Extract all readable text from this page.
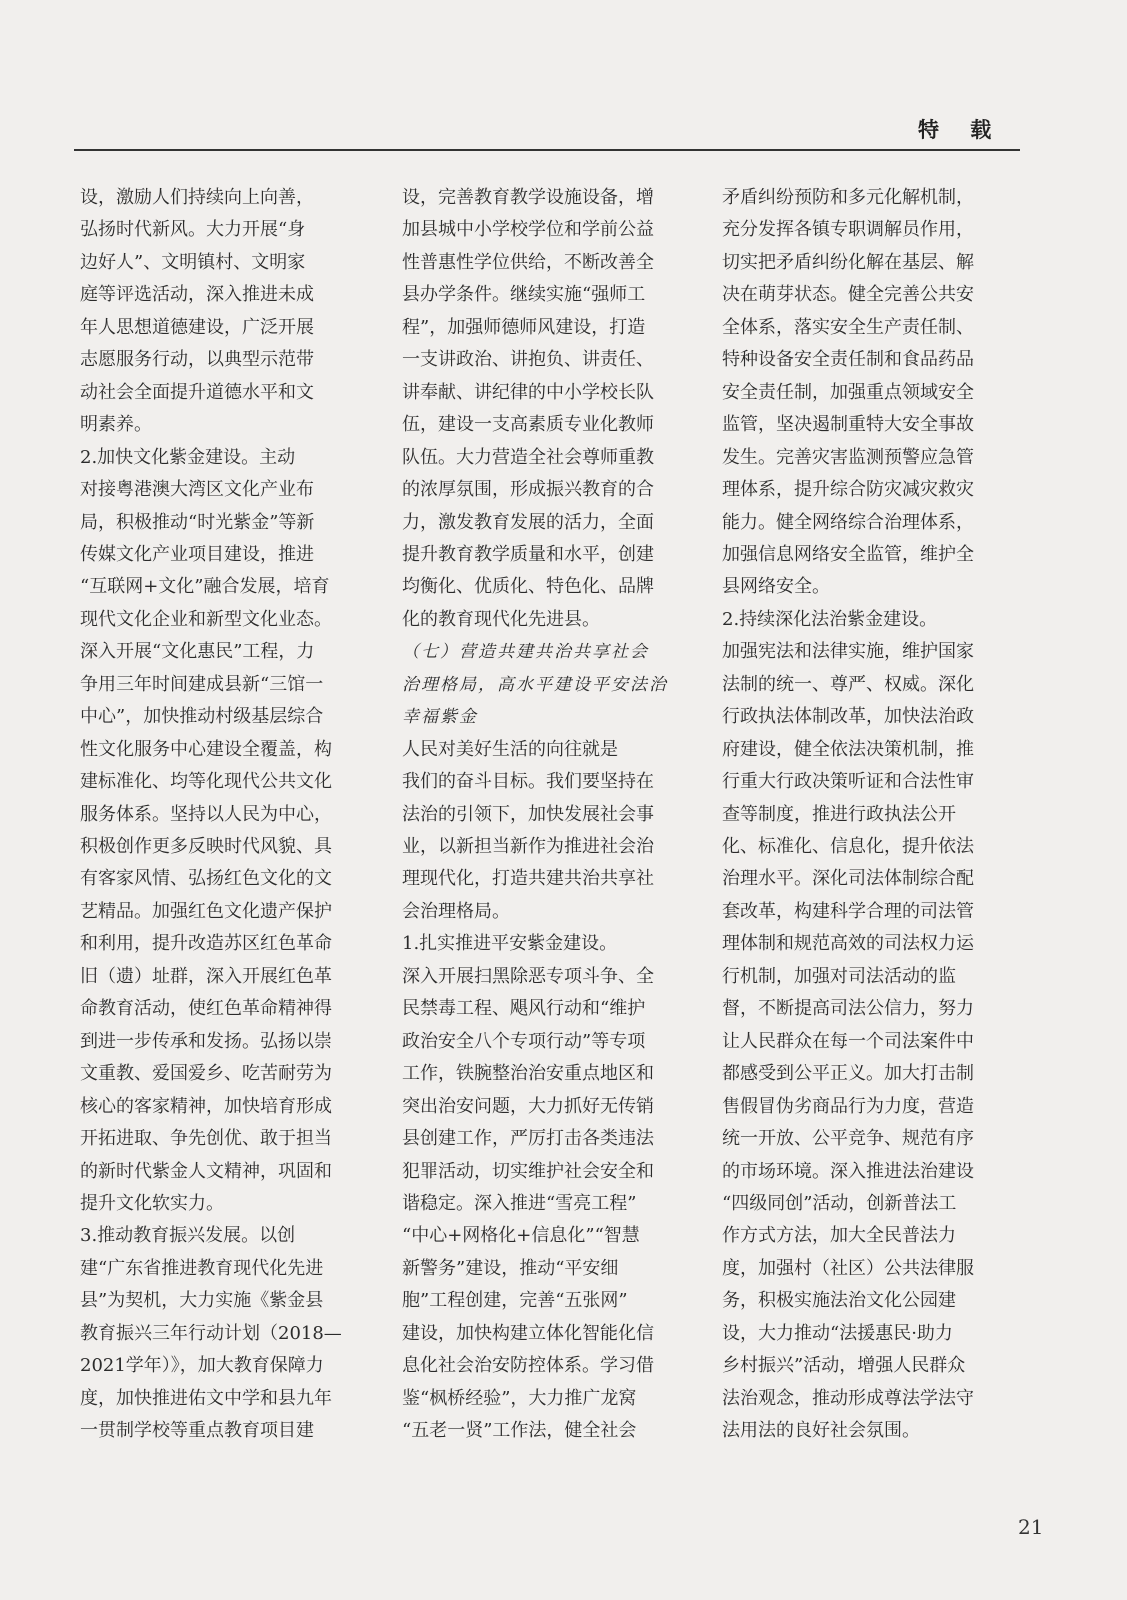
特 载
设，激励人们持续向上向善，
弘扬时代新风。大力开展“身
边好人”、文明镇村、文明家
庭等评选活动，深入推进未成
年人思想道德建设，广泛开展
志愿服务行动，以典型示范带
动社会全面提升道德水平和文
明素养。
2.加快文化紫金建设。主动
对接粤港澳大湾区文化产业布
局，积极推动“时光紫金”等新
传媒文化产业项目建设，推进
“互联网+文化”融合发展，培育
现代文化企业和新型文化业态。
深入开展“文化惠民”工程，力
争用三年时间建成县新“三馆一
中心”，加快推动村级基层综合
性文化服务中心建设全覆盖，构
建标准化、均等化现代公共文化
服务体系。坚持以人民为中心，
积极创作更多反映时代风貌、具
有客家风情、弘扬红色文化的文
艺精品。加强红色文化遗产保护
和利用，提升改造苏区红色革命
旧（遗）址群，深入开展红色革
命教育活动，使红色革命精神得
到进一步传承和发扬。弘扬以崇
文重教、爱国爱乡、吃苦耐劳为
核心的客家精神，加快培育形成
开拓进取、争先创优、敢于担当
的新时代紫金人文精神，巩固和
提升文化软实力。
3.推动教育振兴发展。以创
建“广东省推进教育现代化先进
县”为契机，大力实施《紫金县
教育振兴三年行动计划（2018—
2021学年）》，加大教育保障力
度，加快推进佑文中学和县九年
一贯制学校等重点教育项目建
设，完善教育教学设施设备，增
加县城中小学校学位和学前公益
性普惠性学位供给，不断改善全
县办学条件。继续实施“强师工
程”，加强师德师风建设，打造
一支讲政治、讲抱负、讲责任、
讲奉献、讲纪律的中小学校长队
伍，建设一支高素质专业化教师
队伍。大力营造全社会尊师重教
的浓厚氛围，形成振兴教育的合
力，激发教育发展的活力，全面
提升教育教学质量和水平，创建
均衡化、优质化、特色化、品牌
化的教育现代化先进县。
（七）营造共建共治共享社会
治理格局，高水平建设平安法治
幸福紫金
人民对美好生活的向往就是
我们的奋斗目标。我们要坚持在
法治的引领下，加快发展社会事
业，以新担当新作为推进社会治
理现代化，打造共建共治共享社
会治理格局。
1.扎实推进平安紫金建设。
深入开展扫黑除恶专项斗争、全
民禁毒工程、飓风行动和“维护
政治安全八个专项行动”等专项
工作，铁腕整治治安重点地区和
突出治安问题，大力抓好无传销
县创建工作，严厉打击各类违法
犯罪活动，切实维护社会安全和
谐稳定。深入推进“雪亮工程”
“中心+网格化+信息化”“智慧
新警务”建设，推动“平安细
胞”工程创建，完善“五张网”
建设，加快构建立体化智能化信
息化社会治安防控体系。学习借
鉴“枫桥经验”，大力推广龙窝
“五老一贤”工作法，健全社会
矛盾纠纷预防和多元化解机制，
充分发挥各镇专职调解员作用，
切实把矛盾纠纷化解在基层、解
决在萌芽状态。健全完善公共安
全体系，落实安全生产责任制、
特种设备安全责任制和食品药品
安全责任制，加强重点领域安全
监管，坚决遏制重特大安全事故
发生。完善灾害监测预警应急管
理体系，提升综合防灾减灾救灾
能力。健全网络综合治理体系，
加强信息网络安全监管，维护全
县网络安全。
2.持续深化法治紫金建设。
加强宪法和法律实施，维护国家
法制的统一、尊严、权威。深化
行政执法体制改革，加快法治政
府建设，健全依法决策机制，推
行重大行政决策听证和合法性审
查等制度，推进行政执法公开
化、标准化、信息化，提升依法
治理水平。深化司法体制综合配
套改革，构建科学合理的司法管
理体制和规范高效的司法权力运
行机制，加强对司法活动的监
督，不断提高司法公信力，努力
让人民群众在每一个司法案件中
都感受到公平正义。加大打击制
售假冒伪劣商品行为力度，营造
统一开放、公平竞争、规范有序
的市场环境。深入推进法治建设
“四级同创”活动，创新普法工
作方式方法，加大全民普法力
度，加强村（社区）公共法律服
务，积极实施法治文化公园建
设，大力推动“法援惠民·助力
乡村振兴”活动，增强人民群众
法治观念，推动形成尊法学法守
法用法的良好社会氛围。
21
